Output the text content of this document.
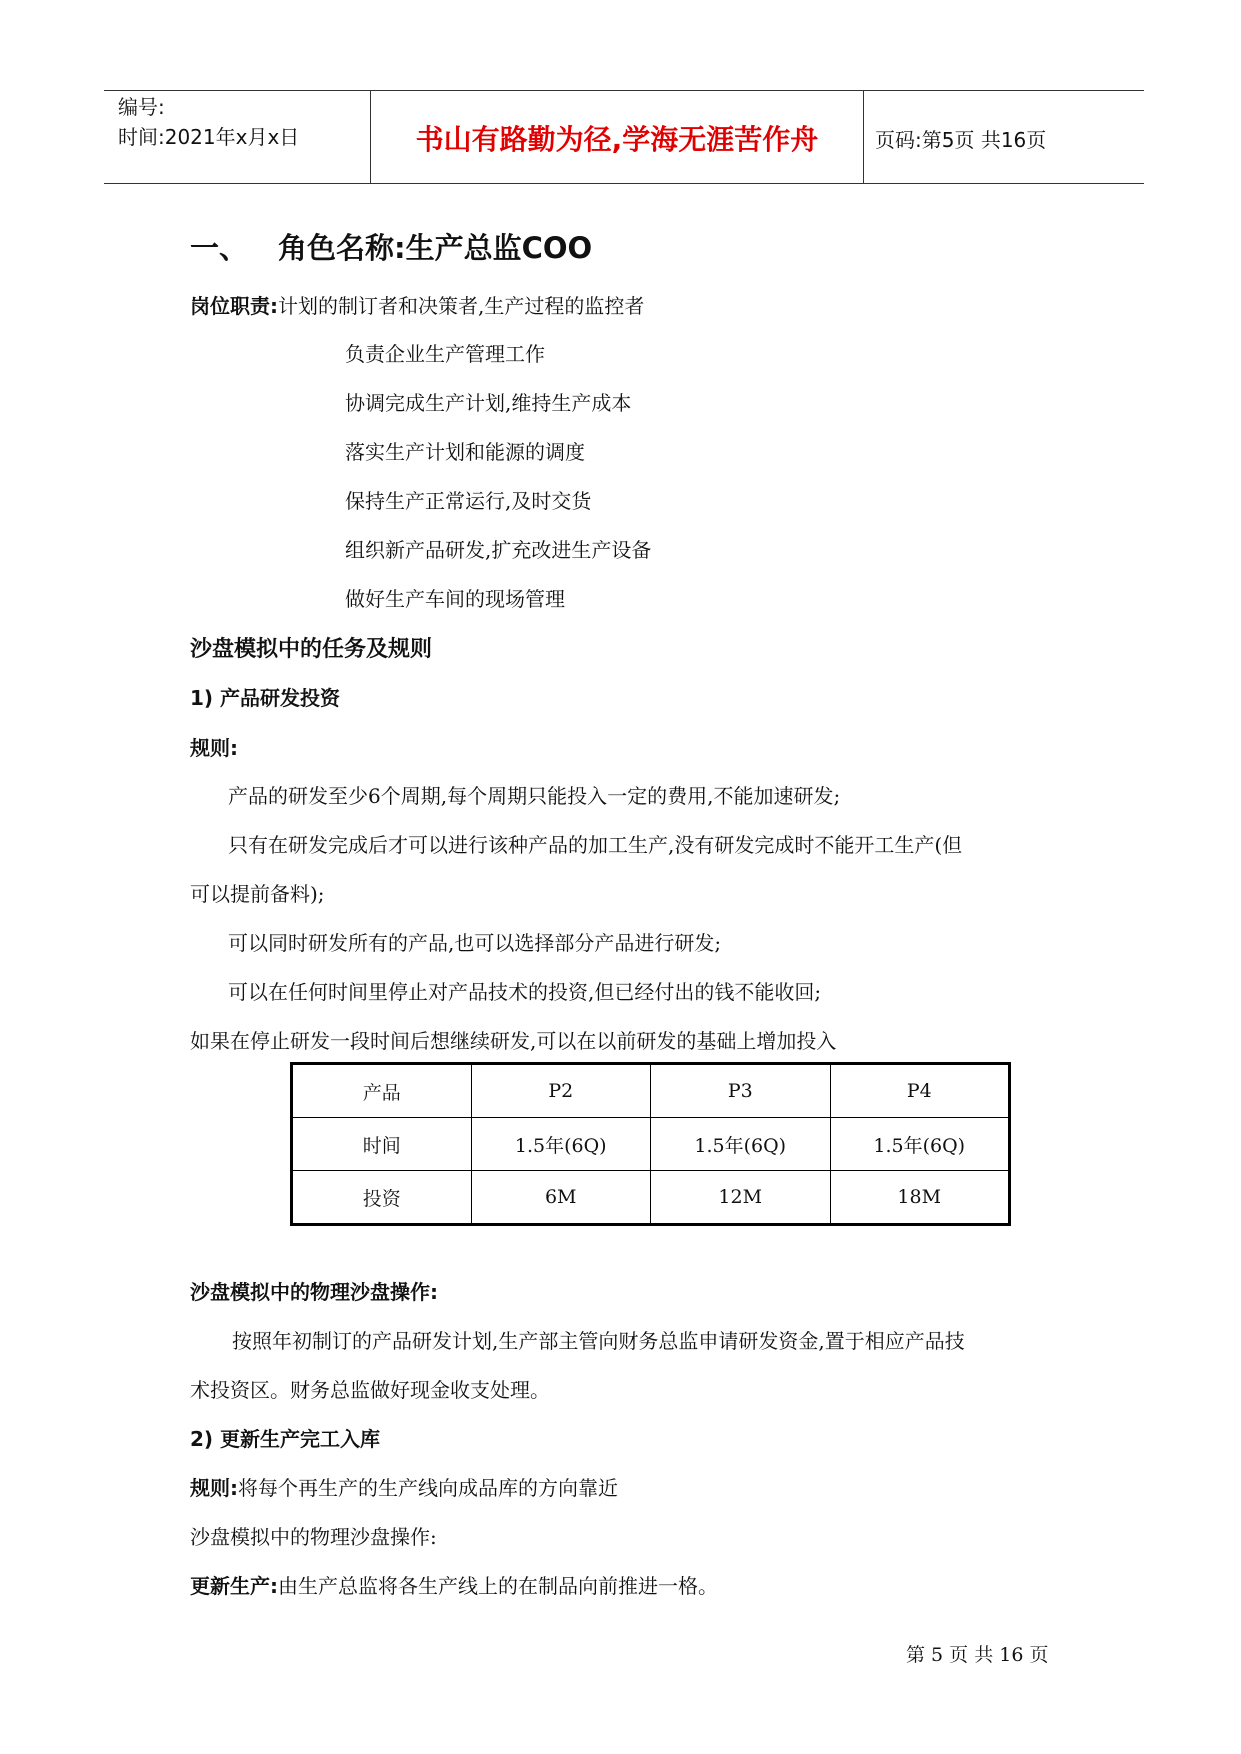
编号:
时间:2021年x月x日	书山有路勤为径,学海无涯苦作舟	页码:第5页 共16页
一、 角色名称:生产总监COO
岗位职责:计划的制订者和决策者,生产过程的监控者
负责企业生产管理工作
协调完成生产计划,维持生产成本
落实生产计划和能源的调度
保持生产正常运行,及时交货
组织新产品研发,扩充改进生产设备
做好生产车间的现场管理
沙盘模拟中的任务及规则
1) 产品研发投资
规则:
产品的研发至少6个周期,每个周期只能投入一定的费用,不能加速研发;
只有在研发完成后才可以进行该种产品的加工生产,没有研发完成时不能开工生产(但
可以提前备料);
可以同时研发所有的产品,也可以选择部分产品进行研发;
可以在任何时间里停止对产品技术的投资,但已经付出的钱不能收回;
如果在停止研发一段时间后想继续研发,可以在以前研发的基础上增加投入
产品	P2	P3	P4
时间	1.5年(6Q)	1.5年(6Q)	1.5年(6Q)
投资	6M	12M	18M
沙盘模拟中的物理沙盘操作:
按照年初制订的产品研发计划,生产部主管向财务总监申请研发资金,置于相应产品技
术投资区。财务总监做好现金收支处理。
2) 更新生产完工入库
规则:将每个再生产的生产线向成品库的方向靠近
沙盘模拟中的物理沙盘操作:
更新生产:由生产总监将各生产线上的在制品向前推进一格。
第 5 页 共 16 页
